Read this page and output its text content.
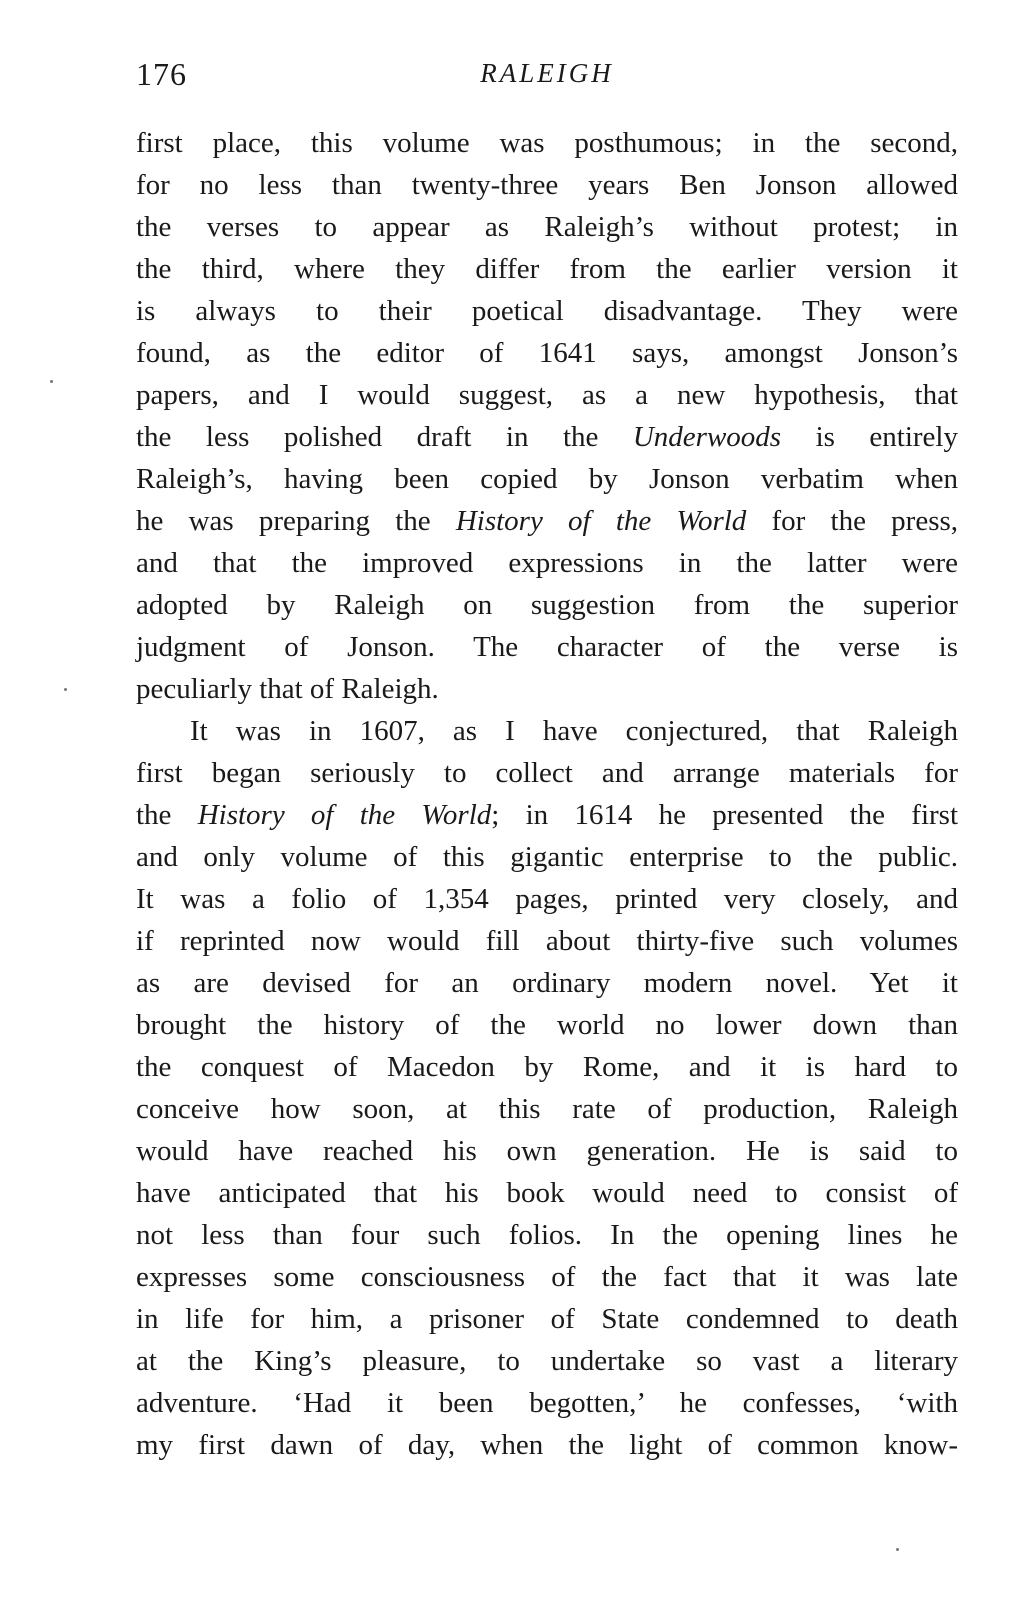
176	RALEIGH
first place, this volume was posthumous; in the second,
for no less than twenty-three years Ben Jonson allowed
the verses to appear as Raleigh’s without protest; in
the third, where they differ from the earlier version it
is always to their poetical disadvantage. They were
found, as the editor of 1641 says, amongst Jonson’s
papers, and I would suggest, as a new hypothesis, that
the less polished draft in the Underwoods is entirely
Raleigh’s, having been copied by Jonson verbatim when
he was preparing the History of the World for the press,
and that the improved expressions in the latter were
adopted by Raleigh on suggestion from the superior
judgment of Jonson. The character of the verse is
peculiarly that of Raleigh.
It was in 1607, as I have conjectured, that Raleigh
first began seriously to collect and arrange materials for
the History of the World; in 1614 he presented the first
and only volume of this gigantic enterprise to the public.
It was a folio of 1,354 pages, printed very closely, and
if reprinted now would fill about thirty-five such volumes
as are devised for an ordinary modern novel. Yet it
brought the history of the world no lower down than
the conquest of Macedon by Rome, and it is hard to
conceive how soon, at this rate of production, Raleigh
would have reached his own generation. He is said to
have anticipated that his book would need to consist of
not less than four such folios. In the opening lines he
expresses some consciousness of the fact that it was late
in life for him, a prisoner of State condemned to death
at the King’s pleasure, to undertake so vast a literary
adventure. ‘Had it been begotten,’ he confesses, ‘with
my first dawn of day, when the light of common know-
